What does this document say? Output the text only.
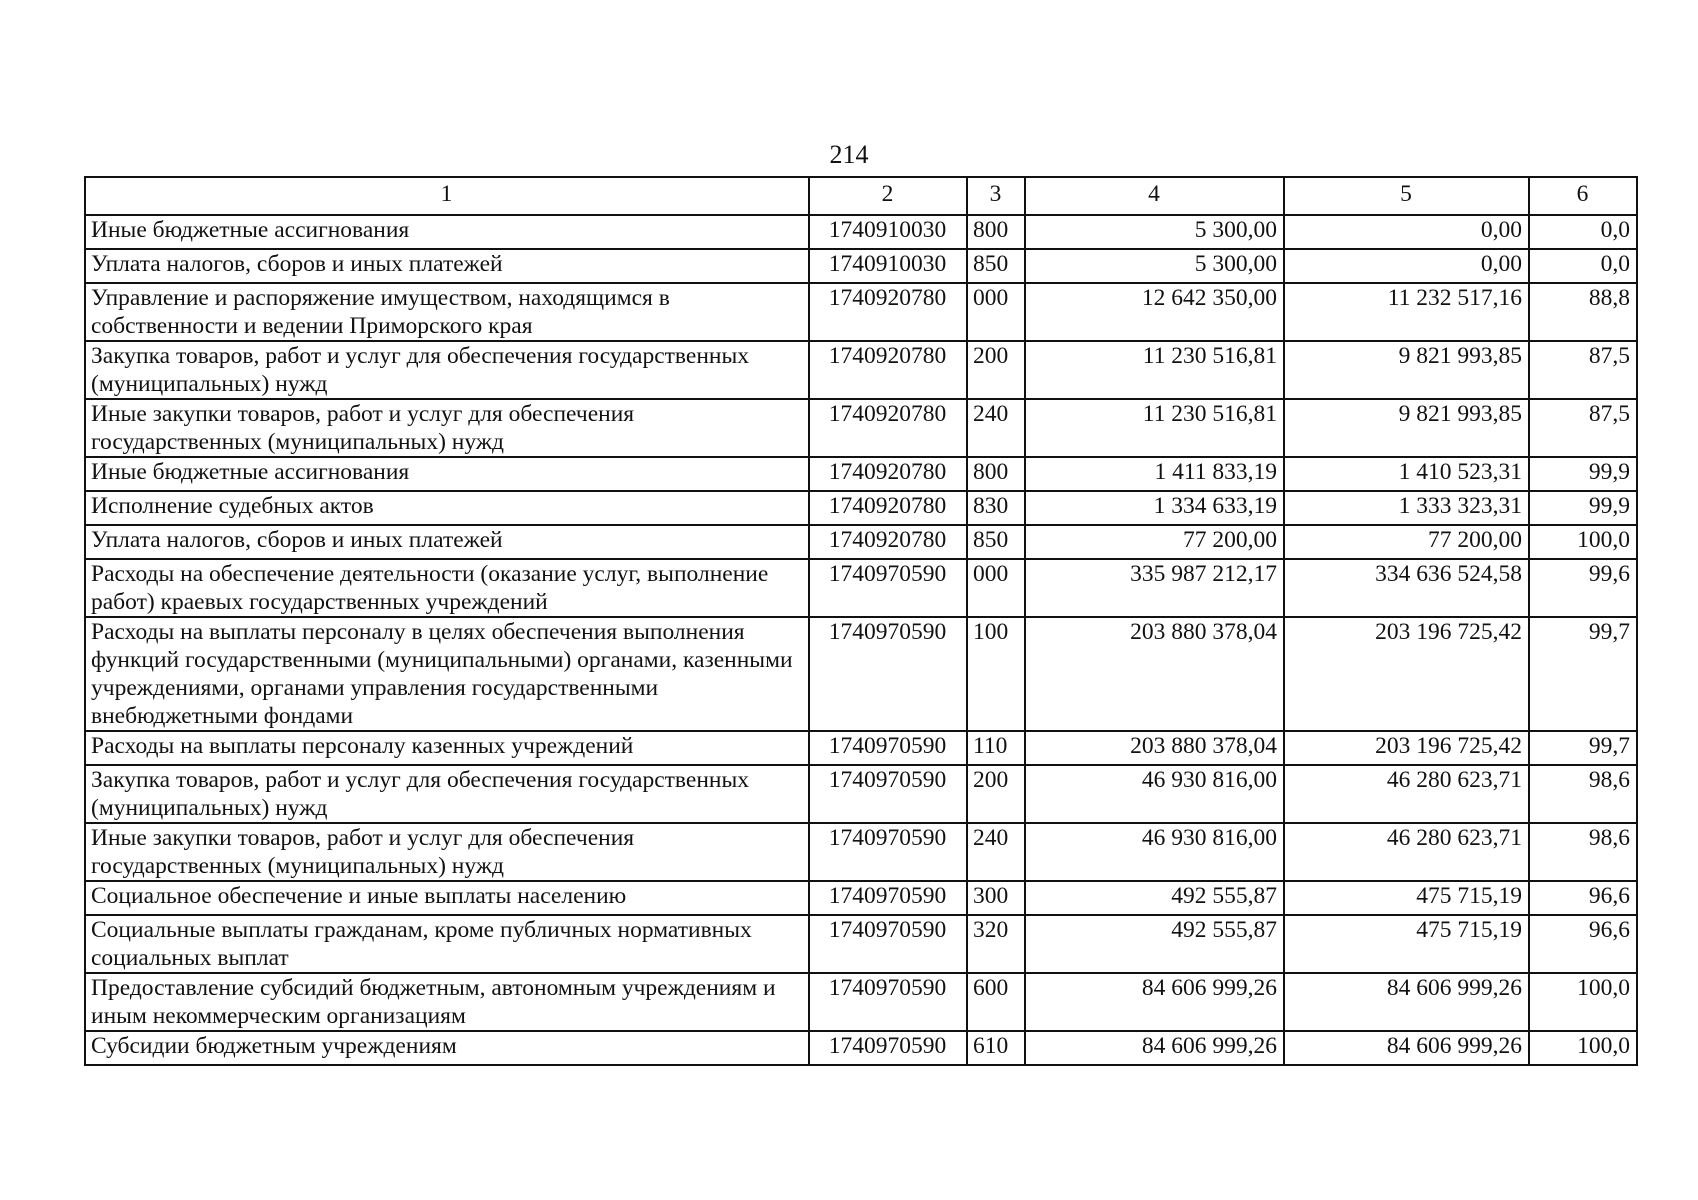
214
1	2	3	4	5	6
Иные бюджетные ассигнования	1740910030	800	5 300,00	0,00	0,0
Уплата налогов, сборов и иных платежей	1740910030	850	5 300,00	0,00	0,0
Управление и распоряжение имуществом, находящимся в собственности и ведении Приморского края	1740920780	000	12 642 350,00	11 232 517,16	88,8
Закупка товаров, работ и услуг для обеспечения государственных (муниципальных) нужд	1740920780	200	11 230 516,81	9 821 993,85	87,5
Иные закупки товаров, работ и услуг для обеспечения государственных (муниципальных) нужд	1740920780	240	11 230 516,81	9 821 993,85	87,5
Иные бюджетные ассигнования	1740920780	800	1 411 833,19	1 410 523,31	99,9
Исполнение судебных актов	1740920780	830	1 334 633,19	1 333 323,31	99,9
Уплата налогов, сборов и иных платежей	1740920780	850	77 200,00	77 200,00	100,0
Расходы на обеспечение деятельности (оказание услуг, выполнение работ) краевых государственных учреждений	1740970590	000	335 987 212,17	334 636 524,58	99,6
Расходы на выплаты персоналу в целях обеспечения выполнения функций государственными (муниципальными) органами, казенными учреждениями, органами управления государственными внебюджетными фондами	1740970590	100	203 880 378,04	203 196 725,42	99,7
Расходы на выплаты персоналу казенных учреждений	1740970590	110	203 880 378,04	203 196 725,42	99,7
Закупка товаров, работ и услуг для обеспечения государственных (муниципальных) нужд	1740970590	200	46 930 816,00	46 280 623,71	98,6
Иные закупки товаров, работ и услуг для обеспечения государственных (муниципальных) нужд	1740970590	240	46 930 816,00	46 280 623,71	98,6
Социальное обеспечение и иные выплаты населению	1740970590	300	492 555,87	475 715,19	96,6
Социальные выплаты гражданам, кроме публичных нормативных социальных выплат	1740970590	320	492 555,87	475 715,19	96,6
Предоставление субсидий бюджетным, автономным учреждениям и иным некоммерческим организациям	1740970590	600	84 606 999,26	84 606 999,26	100,0
Субсидии бюджетным учреждениям	1740970590	610	84 606 999,26	84 606 999,26	100,0
